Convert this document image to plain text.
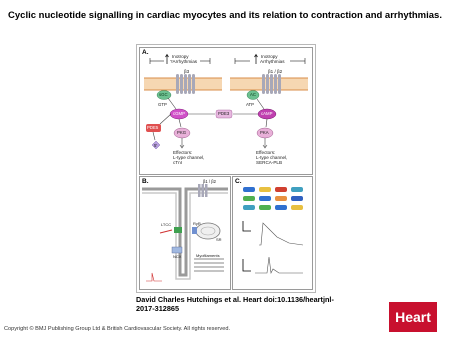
Cyclic nucleotide signalling in cardiac myocytes and its relation to contraction and arrhythmias.
A.
Inotropy
?Arrhythmias
Inotropy
Arrhythmias
β3	β1 / β2
sGC
GTP
cGMP
PDE5
PDE3
PKG
5'
Effectors:
L-type channel,
cTnI
AC
ATP
cAMP
PKA
Effectors:
L-type channel,
SERCA-PLB
B.	β1 / β2
LTCC	RyR
SR
NCX	Myofilaments
C.
David Charles Hutchings et al. Heart doi:10.1136/heartjnl-2017-312865
Copyright © BMJ Publishing Group Ltd & British Cardiovascular Society. All rights reserved.
Heart
